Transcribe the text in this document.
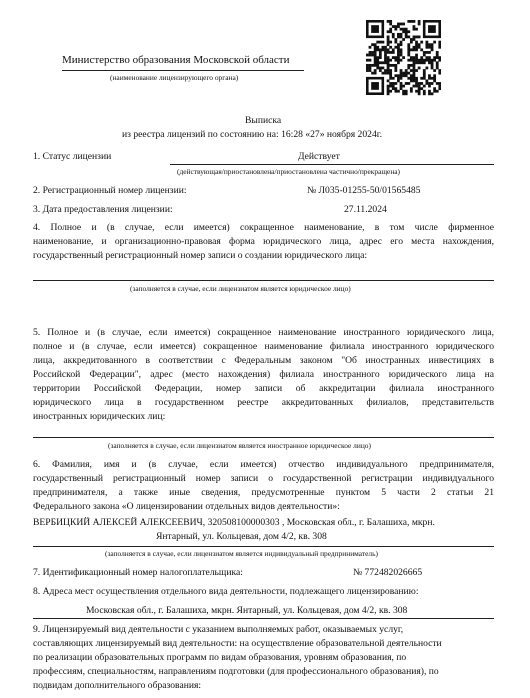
Министерство образования Московской области
(наименование лицензирующего органа)
Выписка
из реестра лицензий по состоянию на: 16:28 «27» ноября 2024г.
1. Статус лицензии	Действует
(действующая/приостановлена/приостановлена частично/прекращена)
2. Регистрационный номер лицензии:	№ Л035-01255-50/01565485
3. Дата предоставления лицензии:	27.11.2024
4. Полное и (в случае, если имеется) сокращенное наименование, в том числе фирменное
наименование, и организационно-правовая форма юридического лица, адрес его места нахождения,
государственный регистрационный номер записи о создании юридического лица:
(заполняется в случае, если лицензиатом является юридическое лицо)
5. Полное и (в случае, если имеется) сокращенное наименование иностранного юридического лица,
полное и (в случае, если имеется) сокращенное наименование филиала иностранного юридического
лица, аккредитованного в соответствии с Федеральным законом "Об иностранных инвестициях в
Российской Федерации", адрес (место нахождения) филиала иностранного юридического лица на
территории Российской Федерации, номер записи об аккредитации филиала иностранного
юридического лица в государственном реестре аккредитованных филиалов, представительств
иностранных юридических лиц:
(заполняется в случае, если лицензиатом является иностранное юридическое лицо)
6. Фамилия, имя и (в случае, если имеется) отчество индивидуального предпринимателя,
государственный регистрационный номер записи о государственной регистрации индивидуального
предпринимателя, а также иные сведения, предусмотренные пунктом 5 части 2 статьи 21
Федерального закона «О лицензировании отдельных видов деятельности»:
ВЕРБИЦКИЙ АЛЕКСЕЙ АЛЕКСЕЕВИЧ, 320508100000303 , Московская обл., г. Балашиха, мкрн.
Янтарный, ул. Кольцевая, дом 4/2, кв. 308
(заполняется в случае, если лицензиатом является индивидуальный предприниматель)
7. Идентификационный номер налогоплательщика:	№ 772482026665
8. Адреса мест осуществления отдельного вида деятельности, подлежащего лицензированию:
Московская обл., г. Балашиха, мкрн. Янтарный, ул. Кольцевая, дом 4/2, кв. 308
9. Лицензируемый вид деятельности с указанием выполняемых работ, оказываемых услуг,
составляющих лицензируемый вид деятельности: на осуществление образовательной деятельности
по реализации образовательных программ по видам образования, уровням образования, по
профессиям, специальностям, направлениям подготовки (для профессионального образования), по
подвидам дополнительного образования:
